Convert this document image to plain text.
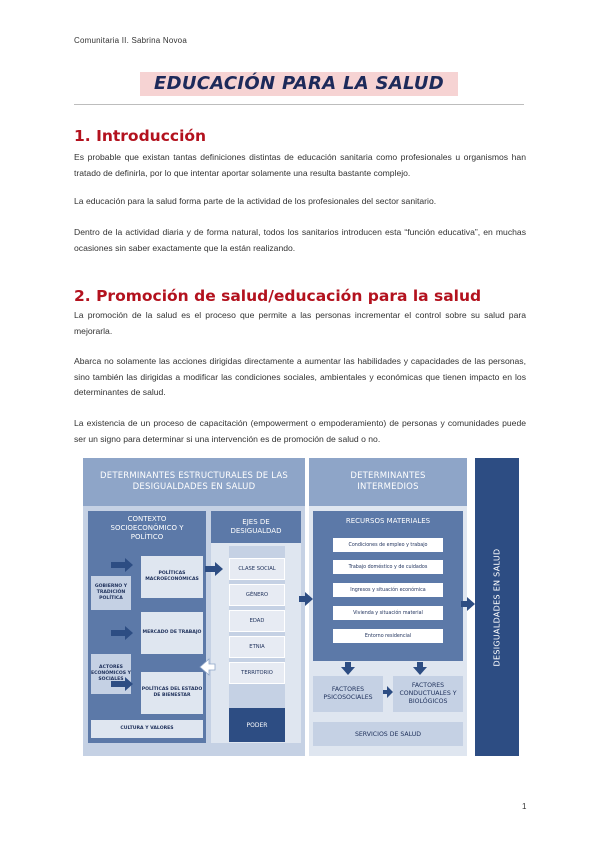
Comunitaria II. Sabrina Novoa
EDUCACIÓN PARA LA SALUD
1. Introducción

Es probable que existan tantas definiciones distintas de educación sanitaria como profesionales u organismos han tratado de definirla, por lo que intentar aportar solamente una resulta bastante complejo.

La educación para la salud forma parte de la actividad de los profesionales del sector sanitario.

Dentro de la actividad diaria y de forma natural, todos los sanitarios introducen esta “función educativa”, en muchas ocasiones sin saber exactamente que la están realizando.

2. Promoción de salud/educación para la salud

La promoción de la salud es el proceso que permite a las personas incrementar el control sobre su salud para mejorarla.

Abarca no solamente las acciones dirigidas directamente a aumentar las habilidades y capacidades de las personas, sino también las dirigidas a modificar las condiciones sociales, ambientales y económicas que tienen impacto en los determinantes de salud.

La existencia de un proceso de capacitación (empowerment o empoderamiento) de personas y comunidades puede ser un signo para determinar si una intervención es de promoción de salud o no.

DETERMINANTES ESTRUCTURALES DE LAS DESIGUALDADES EN SALUD
DETERMINANTES INTERMEDIOS
CONTEXTO SOCIOECONÓMICO Y POLÍTICO
GOBIERNO Y TRADICIÓN POLÍTICA
ACTORES ECONÓMICOS Y SOCIALES
POLÍTICAS MACROECONÓMICAS
MERCADO DE TRABAJO
POLÍTICAS DEL ESTADO DE BIENESTAR
CULTURA Y VALORES
EJES DE DESIGUALDAD
CLASE SOCIAL
GÉNERO
EDAD
ETNIA
TERRITORIO
PODER
RECURSOS MATERIALES
Condiciones de empleo y trabajo
Trabajo doméstico y de cuidados
Ingresos y situación económica
Vivienda y situación material
Entorno residencial
FACTORES PSICOSOCIALES
FACTORES CONDUCTUALES Y BIOLÓGICOS
SERVICIOS DE SALUD
DESIGUALDADES EN SALUD
1
